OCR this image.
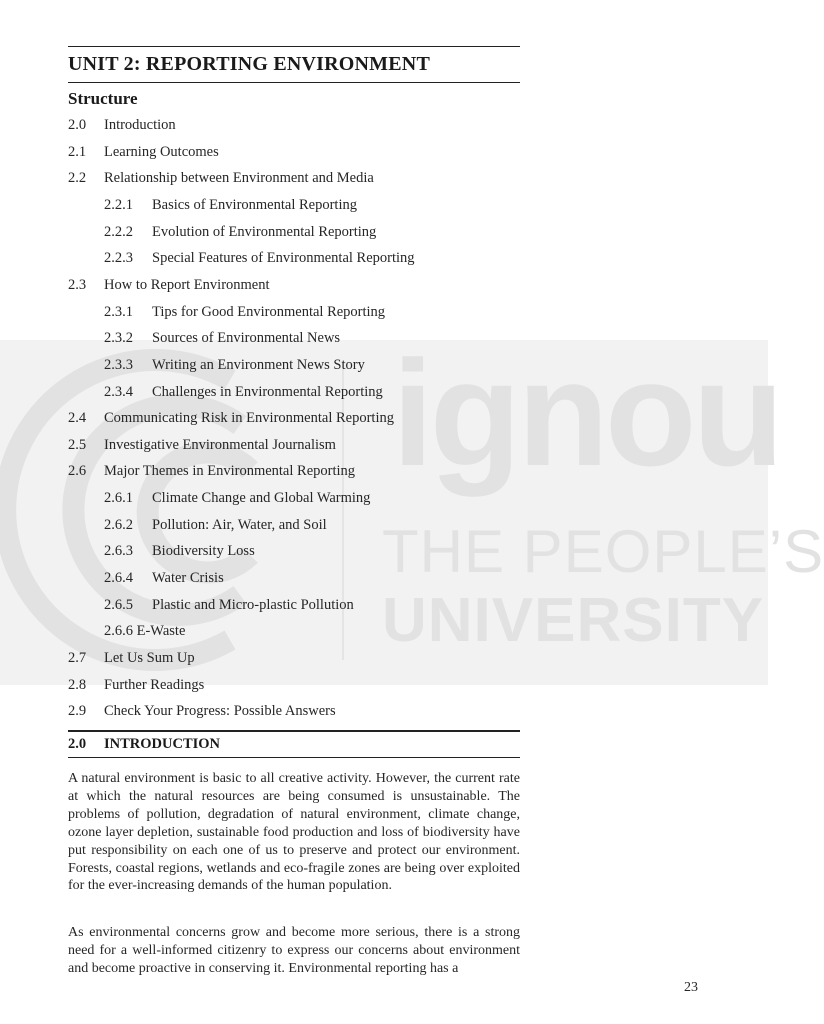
ignou
THE PEOPLE’S
UNIVERSITY
UNIT 2: REPORTING ENVIRONMENT
Structure
2.0 Introduction
2.1 Learning Outcomes
2.2 Relationship between Environment and Media
2.2.1 Basics of Environmental Reporting
2.2.2 Evolution of Environmental Reporting
2.2.3 Special Features of Environmental Reporting
2.3 How to Report Environment
2.3.1 Tips for Good Environmental Reporting
2.3.2 Sources of Environmental News
2.3.3 Writing an Environment News Story
2.3.4 Challenges in Environmental Reporting
2.4 Communicating Risk in Environmental Reporting
2.5 Investigative Environmental Journalism
2.6 Major Themes in Environmental Reporting
2.6.1 Climate Change and Global Warming
2.6.2 Pollution: Air, Water, and Soil
2.6.3 Biodiversity Loss
2.6.4 Water Crisis
2.6.5 Plastic and Micro-plastic Pollution
2.6.6 E-Waste
2.7 Let Us Sum Up
2.8 Further Readings
2.9 Check Your Progress: Possible Answers
2.0 INTRODUCTION

A natural environment is basic to all creative activity. However, the current rate at which the natural resources are being consumed is unsustainable. The problems of pollution, degradation of natural environment, climate change, ozone layer depletion, sustainable food production and loss of biodiversity have put responsibility on each one of us to preserve and protect our environment. Forests, coastal regions, wetlands and eco-fragile zones are being over exploited for the ever-increasing demands of the human population.

As environmental concerns grow and become more serious, there is a strong need for a well-informed citizenry to express our concerns about environment and become proactive in conserving it. Environmental reporting has a

23
